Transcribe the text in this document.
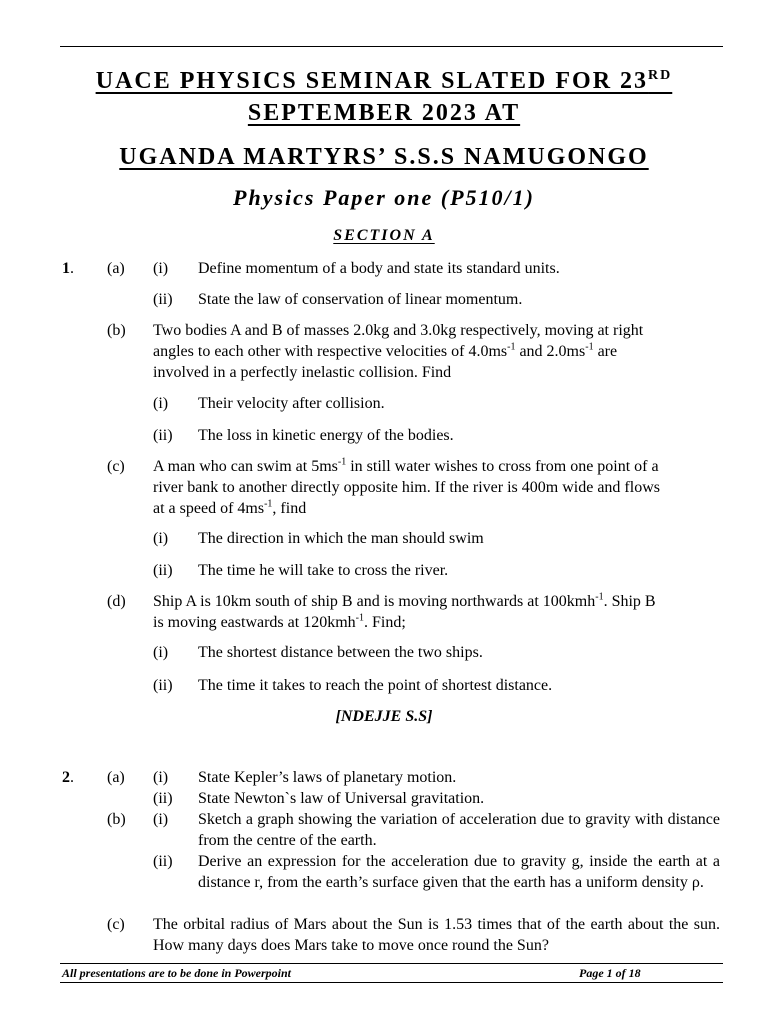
UACE PHYSICS SEMINAR SLATED FOR 23RD
SEPTEMBER 2023 AT
UGANDA MARTYRS’ S.S.S NAMUGONGO
Physics Paper one (P510/1)
SECTION A
1. (a) (i) Define momentum of a body and state its standard units.
(ii) State the law of conservation of linear momentum.
(b) Two bodies A and B of masses 2.0kg and 3.0kg respectively, moving at right
angles to each other with respective velocities of $4.0ms^{-1}$ and $2.0ms^{-1}$ are
involved in a perfectly inelastic collision. Find
(i) Their velocity after collision.
(ii) The loss in kinetic energy of the bodies.
(c) A man who can swim at $5ms^{-1}$ in still water wishes to cross from one point of a
river bank to another directly opposite him. If the river is 400m wide and flows
at a speed of $4ms^{-1}$, find
(i) The direction in which the man should swim
(ii) The time he will take to cross the river.
(d) Ship A is 10km south of ship B and is moving northwards at 100kmh$^{-1}$. Ship B
is moving eastwards at 120kmh$^{-1}$. Find;
(i) The shortest distance between the two ships.
(ii) The time it takes to reach the point of shortest distance.
[NDEJJE S.S]
2. (a) (i) State Kepler’s laws of planetary motion.
(ii) State Newton`s law of Universal gravitation.
(b) (i) Sketch a graph showing the variation of acceleration due to gravity with distance from the centre of the earth.
(ii) Derive an expression for the acceleration due to gravity g, inside the earth at a distance r, from the earth’s surface given that the earth has a uniform density ρ.
(c) The orbital radius of Mars about the Sun is 1.53 times that of the earth about the sun. How many days does Mars take to move once round the Sun?
All presentations are to be done in Powerpoint	Page 1 of 18
